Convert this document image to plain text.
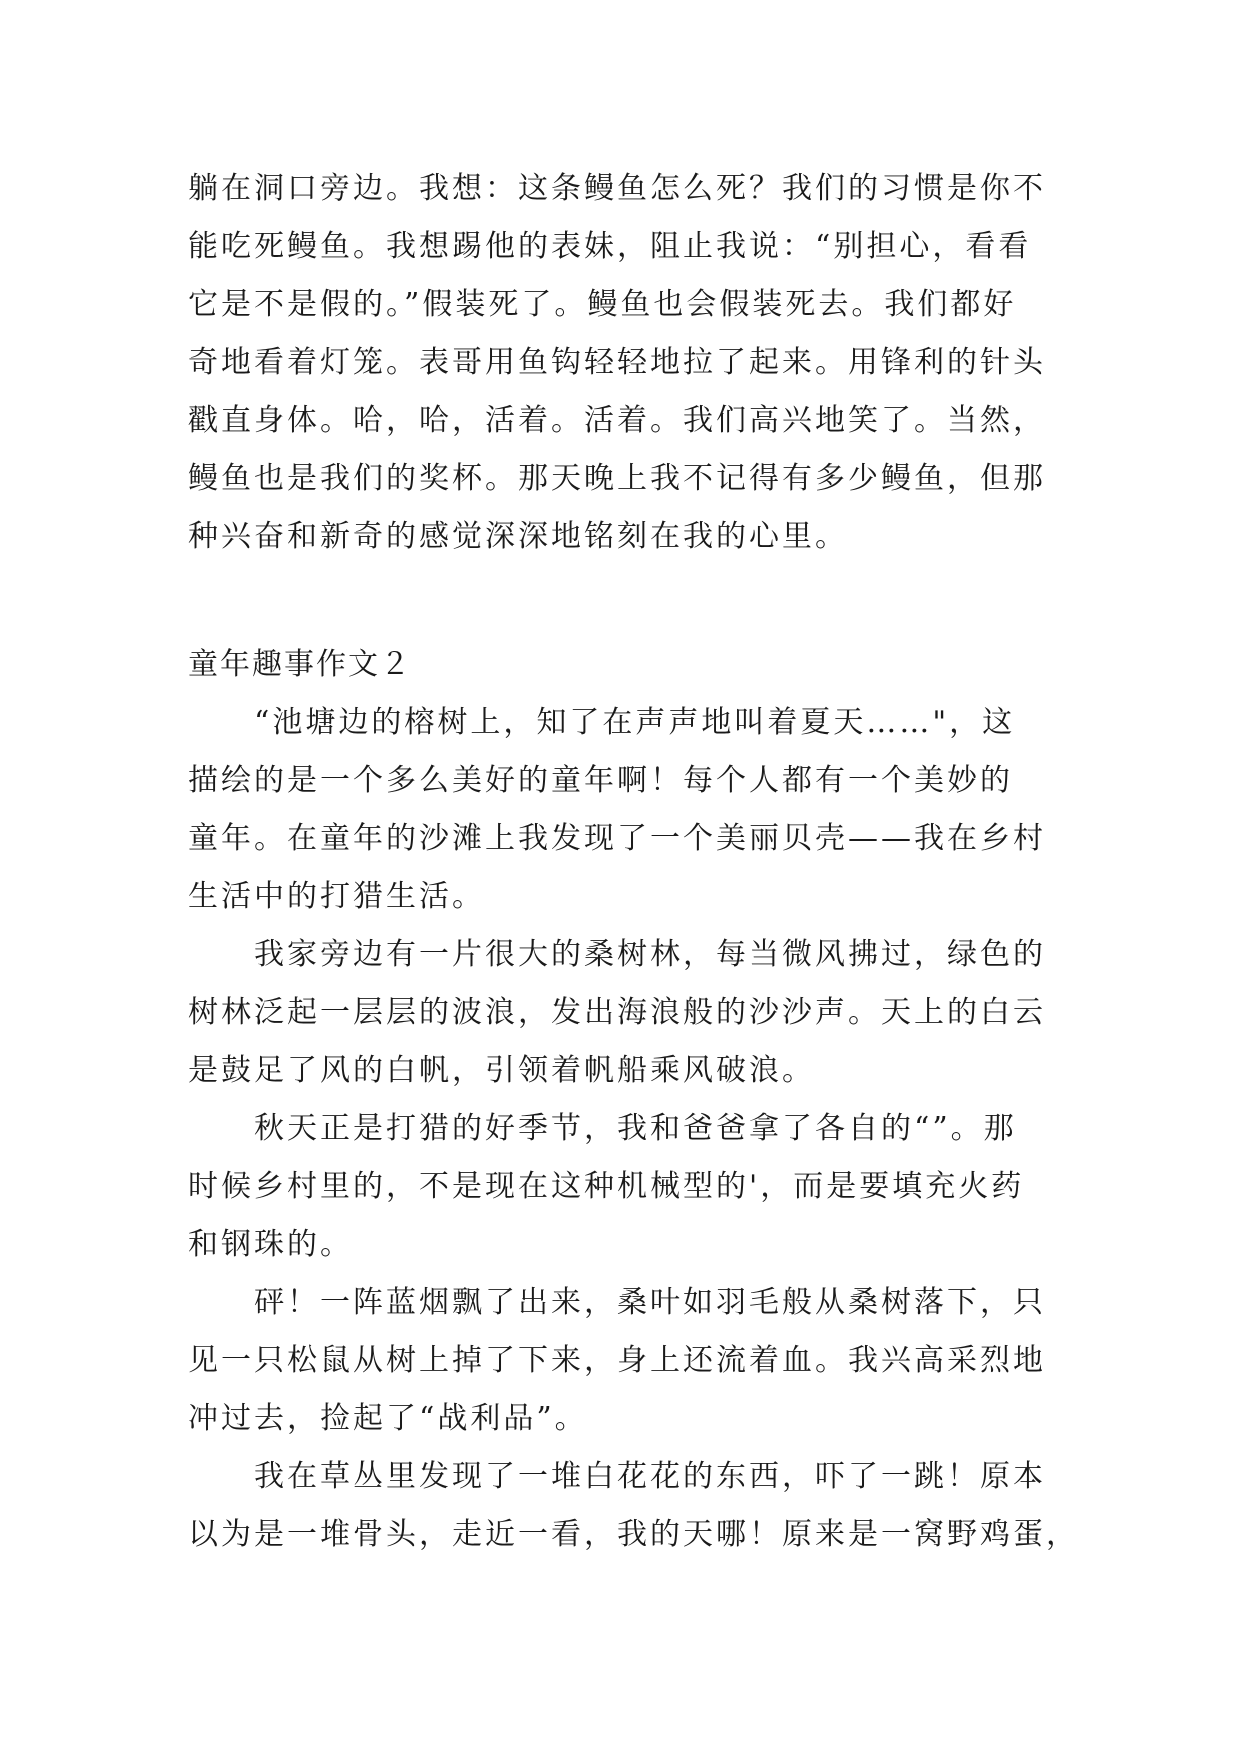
躺在洞口旁边。我想：这条鳗鱼怎么死？我们的习惯是你不
能吃死鳗鱼。我想踢他的表妹，阻止我说：“别担心，看看
它是不是假的。”假装死了。鳗鱼也会假装死去。我们都好
奇地看着灯笼。表哥用鱼钩轻轻地拉了起来。用锋利的针头
戳直身体。哈，哈，活着。活着。我们高兴地笑了。当然，
鳗鱼也是我们的奖杯。那天晚上我不记得有多少鳗鱼，但那
种兴奋和新奇的感觉深深地铭刻在我的心里。
童年趣事作文２
“池塘边的榕树上，知了在声声地叫着夏天……"，这
描绘的是一个多么美好的童年啊！每个人都有一个美妙的
童年。在童年的沙滩上我发现了一个美丽贝壳——我在乡村
生活中的打猎生活。
我家旁边有一片很大的桑树林，每当微风拂过，绿色的
树林泛起一层层的波浪，发出海浪般的沙沙声。天上的白云
是鼓足了风的白帆，引领着帆船乘风破浪。
秋天正是打猎的好季节，我和爸爸拿了各自的“”。那
时候乡村里的，不是现在这种机械型的'，而是要填充火药
和钢珠的。
砰！一阵蓝烟飘了出来，桑叶如羽毛般从桑树落下，只
见一只松鼠从树上掉了下来，身上还流着血。我兴高采烈地
冲过去，捡起了“战利品”。
我在草丛里发现了一堆白花花的东西，吓了一跳！原本
以为是一堆骨头，走近一看，我的天哪！原来是一窝野鸡蛋，
